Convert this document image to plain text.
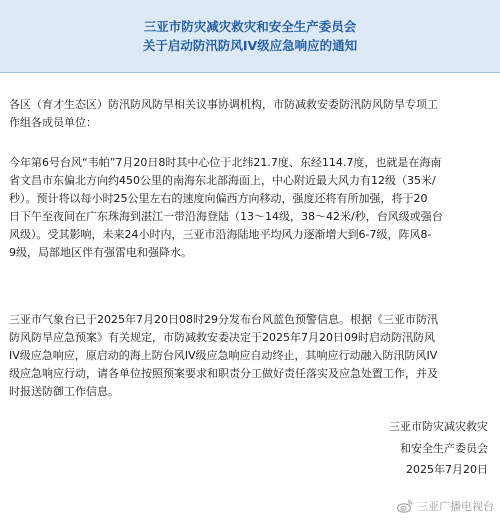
三亚市防灾减灾救灾和安全生产委员会
关于启动防汛防风IV级应急响应的通知
各区（育才生态区）防汛防风防旱相关议事协调机构，市防减救安委防汛防风防旱专项工
作组各成员单位：
今年第6号台风“韦帕”7月20日8时其中心位于北纬21.7度、东经114.7度，也就是在海南
省文昌市东偏北方向约450公里的南海东北部海面上，中心附近最大风力有12级（35米/
秒）。预计将以每小时25公里左右的速度向偏西方向移动，强度还将有所加强，将于20
日下午至夜间在广东珠海到湛江一带沿海登陆（13～14级，38～42米/秒，台风级或强台
风级）。受其影响，未来24小时内，三亚市沿海陆地平均风力逐渐增大到6-7级，阵风8-
9级，局部地区伴有强雷电和强降水。
三亚市气象台已于2025年7月20日08时29分发布台风蓝色预警信息。根据《三亚市防汛
防风防旱应急预案》有关规定，市防减救安委决定于2025年7月20日09时启动防汛防风
IV级应急响应，原启动的海上防台风IV级应急响应自动终止，其响应行动融入防汛防风IV
级应急响应行动，请各单位按照预案要求和职责分工做好责任落实及应急处置工作，并及
时报送防御工作信息。
三亚市防灾减灾救灾
和安全生产委员会
2025年7月20日
三亚广播电视台
